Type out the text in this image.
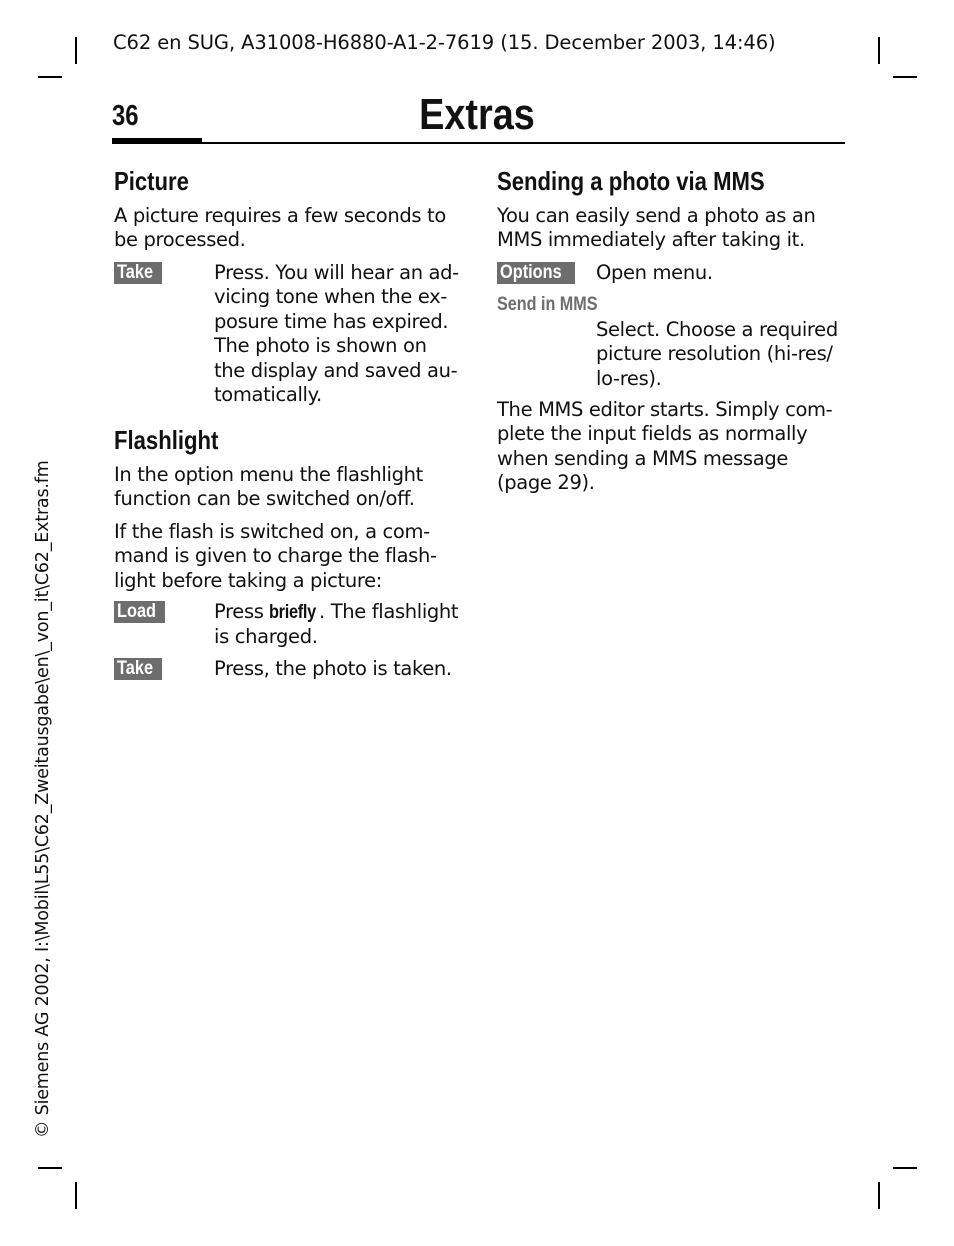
C62 en SUG, A31008-H6880-A1-2-7619 (15. December 2003, 14:46)
36	Extras
Picture
A picture requires a few seconds to
be processed.
Take	Press. You will hear an ad-
vicing tone when the ex-
posure time has expired.
The photo is shown on
the display and saved au-
tomatically.
Flashlight
In the option menu the flashlight
function can be switched on/off.
If the flash is switched on, a com-
mand is given to charge the flash-
light before taking a picture:
Load	Press briefly . The flashlight
is charged.
Take	Press, the photo is taken.
Sending a photo via MMS
You can easily send a photo as an
MMS immediately after taking it.
Options	Open menu.
Send in MMS
Select. Choose a required
picture resolution (hi-res/
lo-res).
The MMS editor starts. Simply com-
plete the input fields as normally
when sending a MMS message
(page 29).
© Siemens AG 2002, I:\Mobil\L55\C62_Zweitausgabe\en\_von_it\C62_Extras.fm
